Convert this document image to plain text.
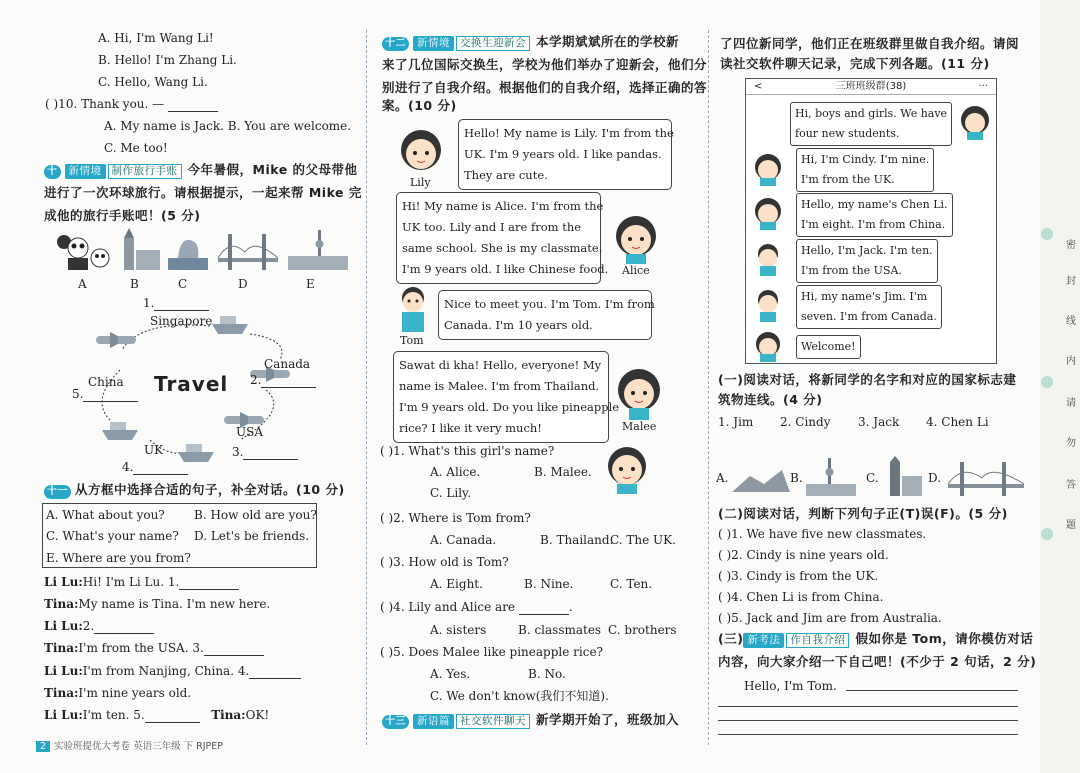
A. Hi, I'm Wang Li!
B. Hello! I'm Zhang Li.
C. Hello, Wang Li.
( )10. Thank you. —
A. My name is Jack. B. You are welcome.
C. Me too!
十 新情境 制作旅行手账 今年暑假，Mike 的父母带他
进行了一次环球旅行。请根据提示，一起来帮 Mike 完
成他的旅行手账吧！(5 分)
A	B	C	D	E
1.
Singapore
Canada
2.
China
5.	Travel
USA
UK	3.
4.
十一 从方框中选择合适的句子，补全对话。(10 分)
A. What about you? B. How old are you?
C. What's your name? D. Let's be friends.
E. Where are you from?
Li Lu:Hi! I'm Li Lu. 1.
Tina:My name is Tina. I'm new here.
Li Lu:2.
Tina:I'm from the USA. 3.
Li Lu:I'm from Nanjing, China. 4.
Tina:I'm nine years old.
Li Lu:I'm ten. 5.	Tina:OK!
2 实验班提优大考卷 英语三年级 下 RJPEP
十二 新情境 交换生迎新会 本学期斌斌所在的学校新
来了几位国际交换生，学校为他们举办了迎新会，他们分
别进行了自我介绍。根据他们的自我介绍，选择正确的答
案。(10 分)
Lily
Hello! My name is Lily. I'm from the
UK. I'm 9 years old. I like pandas.
They are cute.
Hi! My name is Alice. I'm from the
UK too. Lily and I are from the
same school. She is my classmate.
I'm 9 years old. I like Chinese food. Alice
Tom
Nice to meet you. I'm Tom. I'm from
Canada. I'm 10 years old.
Sawat di kha! Hello, everyone! My
name is Malee. I'm from Thailand.
I'm 9 years old. Do you like pineapple
rice? I like it very much!	Malee
( )1. What's this girl's name?
A. Alice.	B. Malee.
C. Lily.
( )2. Where is Tom from?
A. Canada.	B. Thailand.
C. The UK.
( )3. How old is Tom?
A. Eight.	B. Nine.	C. Ten.
( )4. Lily and Alice are	.
A. sisters	B. classmates C. brothers
( )5. Does Malee like pineapple rice?
A. Yes.	B. No.
C. We don't know(我们不知道).
十三 新语篇 社交软件聊天 新学期开始了，班级加入
了四位新同学，他们正在班级群里做自我介绍。请阅
读社交软件聊天记录，完成下列各题。(11 分)
<	三班班级群(38)	···
Hi, boys and girls. We have
four new students.
Hi, I'm Cindy. I'm nine.
I'm from the UK.
Hello, my name's Chen Li.
I'm eight. I'm from China.
Hello, I'm Jack. I'm ten.
I'm from the USA.
Hi, my name's Jim. I'm
seven. I'm from Canada.
Welcome!
(一)阅读对话，将新同学的名字和对应的国家标志建
筑物连线。(4 分)
1. Jim 2. Cindy 3. Jack 4. Chen Li
A.	B.	C.	D.
(二)阅读对话，判断下列句子正(T)误(F)。(5 分)
( )1. We have five new classmates.
( )2. Cindy is nine years old.
( )3. Cindy is from the UK.
( )4. Chen Li is from China.
( )5. Jack and Jim are from Australia.
(三) 新考法 作自我介绍 假如你是 Tom，请你模仿对话
内容，向大家介绍一下自己吧！(不少于 2 句话，2 分)
Hello, I'm Tom.
密
封
线
内
请
勿
答
题
